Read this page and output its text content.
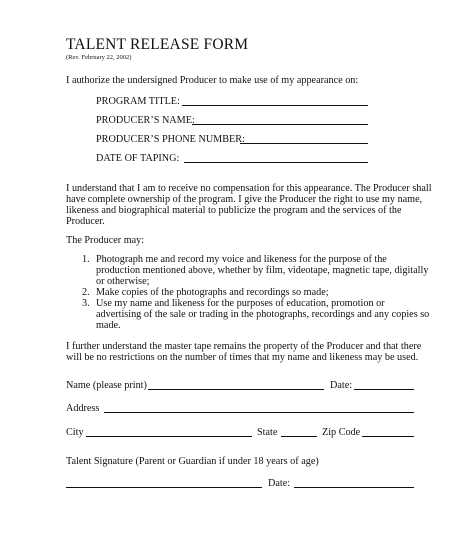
TALENT RELEASE FORM
(Rev. February 22, 2002)
I authorize the undersigned Producer to make use of my appearance on:
PROGRAM TITLE:
PRODUCER’S NAME:
PRODUCER’S PHONE NUMBER:
DATE OF TAPING:
I understand that I am to receive no compensation for this appearance. The Producer shall
have complete ownership of the program. I give the Producer the right to use my name,
likeness and biographical material to publicize the program and the services of the
Producer.
The Producer may:
1. Photograph me and record my voice and likeness for the purpose of the
production mentioned above, whether by film, videotape, magnetic tape, digitally
or otherwise;
2. Make copies of the photographs and recordings so made;
3. Use my name and likeness for the purposes of education, promotion or
advertising of the sale or trading in the photographs, recordings and any copies so
made.
I further understand the master tape remains the property of the Producer and that there
will be no restrictions on the number of times that my name and likeness may be used.
Name (please print)	Date:
Address
City	State	Zip Code
Talent Signature (Parent or Guardian if under 18 years of age)
Date:
